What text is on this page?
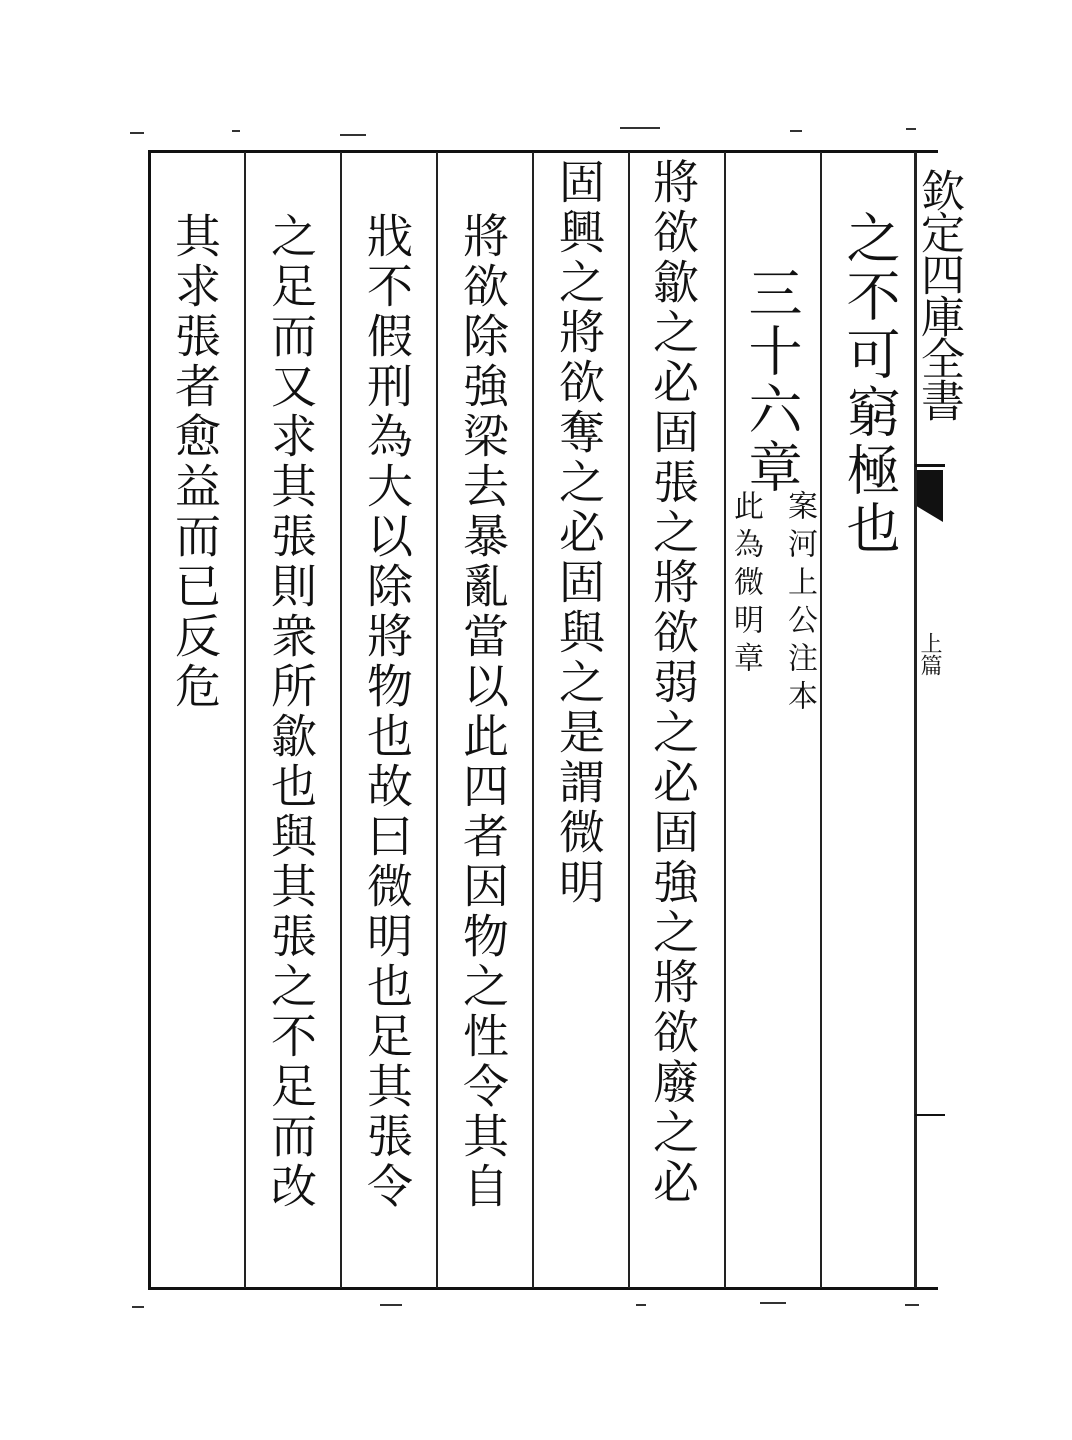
欽定四庫全書
上篇
之不可窮極也
三十六章
案河上公注本
此為微明章
將欲歙之必固張之將欲弱之必固強之將欲廢之必
固興之將欲奪之必固與之是謂微明
將欲除強梁去暴亂當以此四者因物之性令其自
戕不假刑為大以除將物也故曰微明也足其張令
之足而又求其張則衆所歙也與其張之不足而改
其求張者愈益而已反危
